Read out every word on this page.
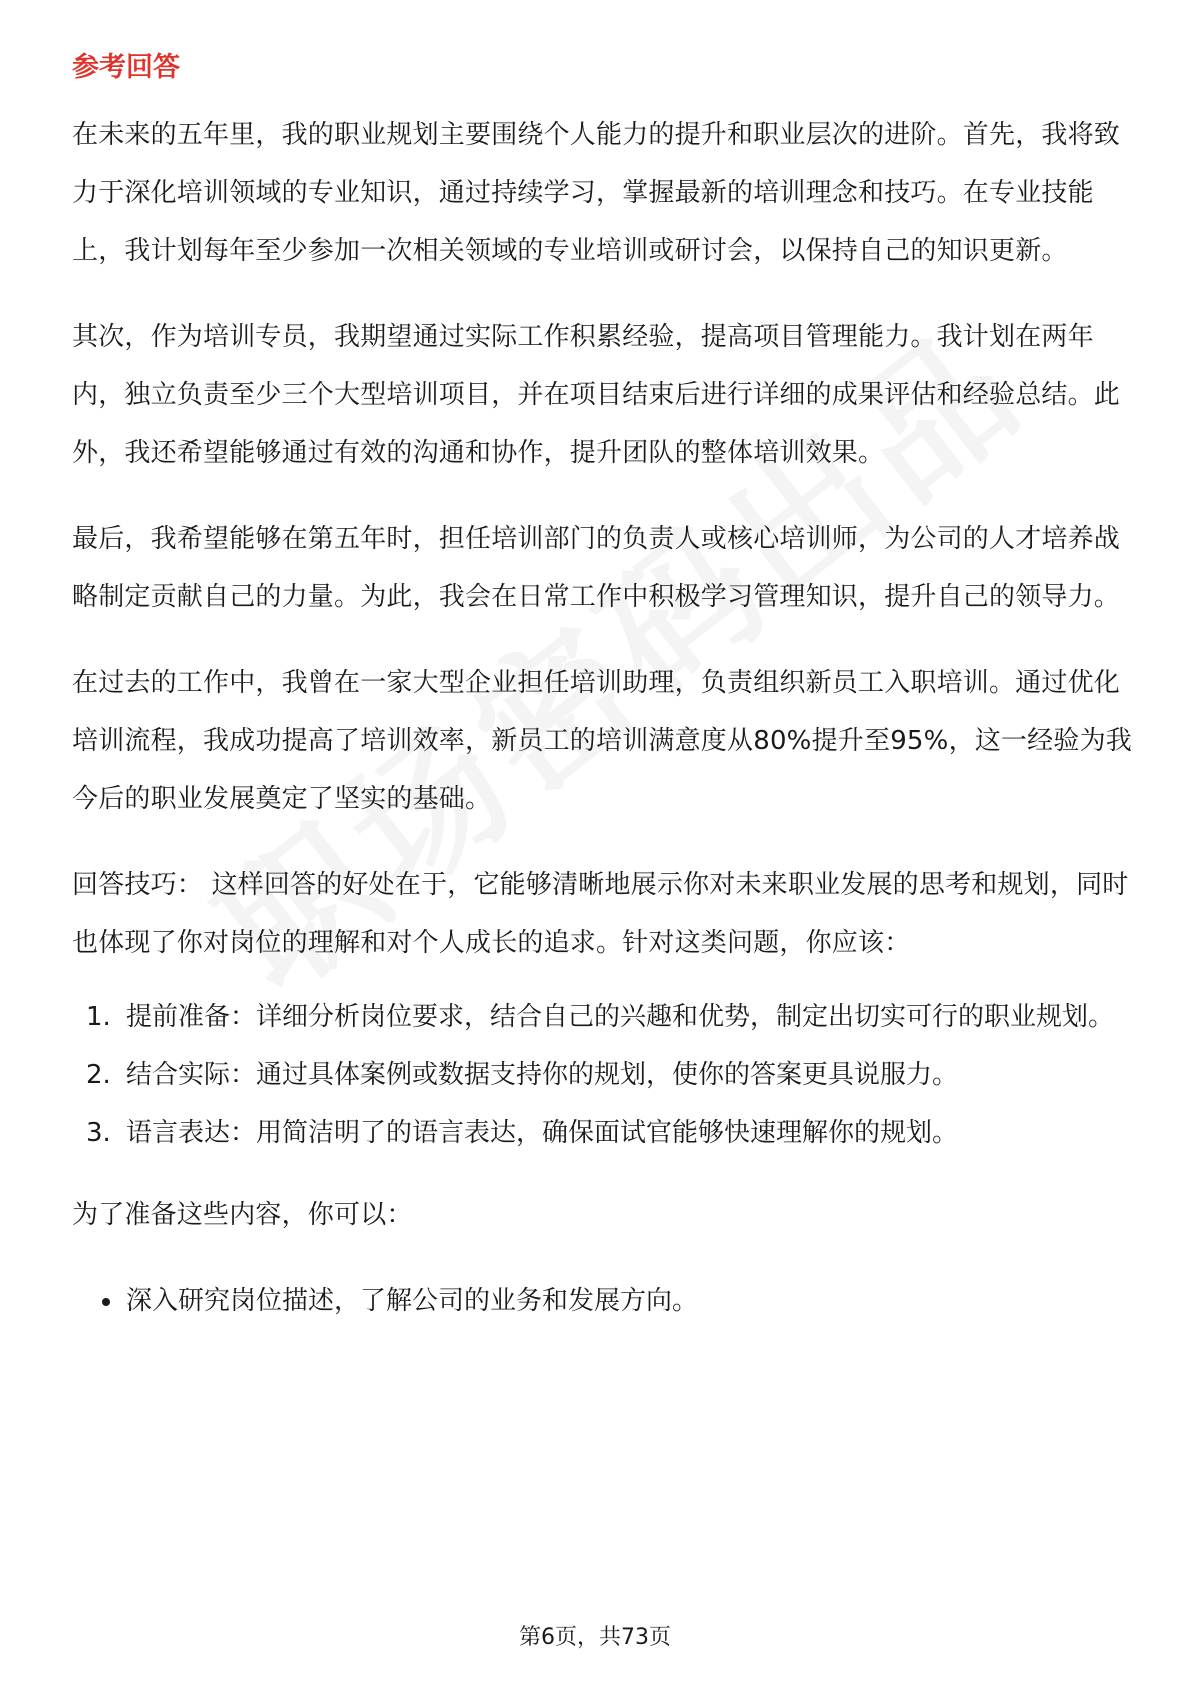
参考回答

在未来的五年里，我的职业规划主要围绕个人能力的提升和职业层次的进阶。首先，我将致力于深化培训领域的专业知识，通过持续学习，掌握最新的培训理念和技巧。在专业技能上，我计划每年至少参加一次相关领域的专业培训或研讨会，以保持自己的知识更新。

其次，作为培训专员，我期望通过实际工作积累经验，提高项目管理能力。我计划在两年内，独立负责至少三个大型培训项目，并在项目结束后进行详细的成果评估和经验总结。此外，我还希望能够通过有效的沟通和协作，提升团队的整体培训效果。

最后，我希望能够在第五年时，担任培训部门的负责人或核心培训师，为公司的人才培养战略制定贡献自己的力量。为此，我会在日常工作中积极学习管理知识，提升自己的领导力。

在过去的工作中，我曾在一家大型企业担任培训助理，负责组织新员工入职培训。通过优化培训流程，我成功提高了培训效率，新员工的培训满意度从80%提升至95%，这一经验为我今后的职业发展奠定了坚实的基础。

回答技巧： 这样回答的好处在于，它能够清晰地展示你对未来职业发展的思考和规划，同时也体现了你对岗位的理解和对个人成长的追求。针对这类问题，你应该：

1. 提前准备：详细分析岗位要求，结合自己的兴趣和优势，制定出切实可行的职业规划。
2. 结合实际：通过具体案例或数据支持你的规划，使你的答案更具说服力。
3. 语言表达：用简洁明了的语言表达，确保面试官能够快速理解你的规划。

为了准备这些内容，你可以：

深入研究岗位描述，了解公司的业务和发展方向。
第6页，共73页
